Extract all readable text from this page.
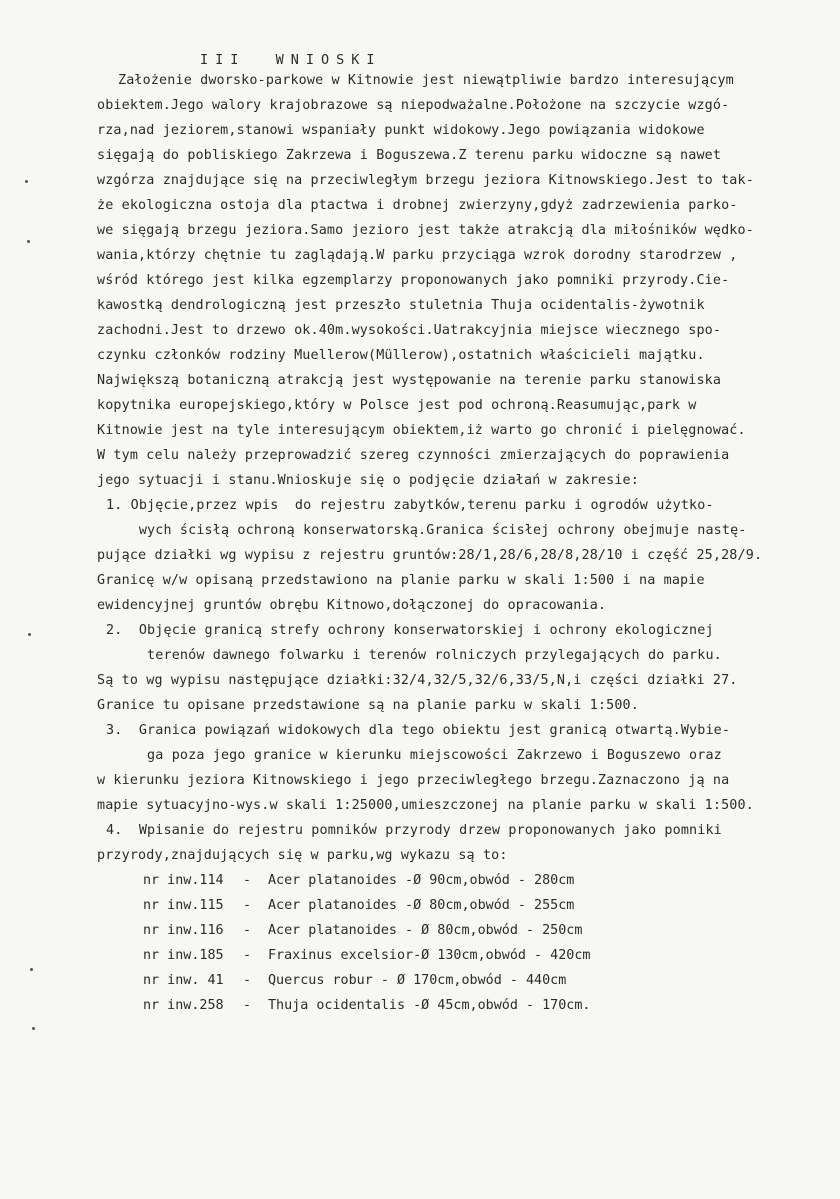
III  WNIOSKI
Założenie dworsko-parkowe w Kitnowie jest niewątpliwie bardzo interesującym
obiektem.Jego walory krajobrazowe są niepodważalne.Położone na szczycie wzgó-
rza,nad jeziorem,stanowi wspaniały punkt widokowy.Jego powiązania widokowe
sięgają do pobliskiego Zakrzewa i Boguszewa.Z terenu parku widoczne są nawet
wzgórza znajdujące się na przeciwległym brzegu jeziora Kitnowskiego.Jest to tak-
że ekologiczna ostoja dla ptactwa i drobnej zwierzyny,gdyż zadrzewienia parko-
we sięgają brzegu jeziora.Samo jezioro jest także atrakcją dla miłośników wędko-
wania,którzy chętnie tu zaglądają.W parku przyciąga wzrok dorodny starodrzew ,
wśród którego jest kilka egzemplarzy proponowanych jako pomniki przyrody.Cie-
kawostką dendrologiczną jest przeszło stuletnia Thuja ocidentalis-żywotnik
zachodni.Jest to drzewo ok.40m.wysokości.Uatrakcyjnia miejsce wiecznego spo-
czynku członków rodziny Muellerow(Müllerow),ostatnich właścicieli majątku.
Największą botaniczną atrakcją jest występowanie na terenie parku stanowiska
kopytnika europejskiego,który w Polsce jest pod ochroną.Reasumując,park w
Kitnowie jest na tyle interesującym obiektem,iż warto go chronić i pielęgnować.
W tym celu należy przeprowadzić szereg czynności zmierzających do poprawienia
jego sytuacji i stanu.Wnioskuje się o podjęcie działań w zakresie:
1. Objęcie,przez wpis  do rejestru zabytków,terenu parku i ogrodów użytko-
wych ścisłą ochroną konserwatorską.Granica ścisłej ochrony obejmuje nastę-
pujące działki wg wypisu z rejestru gruntów:28/1,28/6,28/8,28/10 i część 25,28/9.
Granicę w/w opisaną przedstawiono na planie parku w skali 1:500 i na mapie
ewidencyjnej gruntów obrębu Kitnowo,dołączonej do opracowania.
2.  Objęcie granicą strefy ochrony konserwatorskiej i ochrony ekologicznej
terenów dawnego folwarku i terenów rolniczych przylegających do parku.
Są to wg wypisu następujące działki:32/4,32/5,32/6,33/5,N,i części działki 27.
Granice tu opisane przedstawione są na planie parku w skali 1:500.
3.  Granica powiązań widokowych dla tego obiektu jest granicą otwartą.Wybie-
ga poza jego granice w kierunku miejscowości Zakrzewo i Boguszewo oraz
w kierunku jeziora Kitnowskiego i jego przeciwległego brzegu.Zaznaczono ją na
mapie sytuacyjno-wys.w skali 1:25000,umieszczonej na planie parku w skali 1:500.
4.  Wpisanie do rejestru pomników przyrody drzew proponowanych jako pomniki
przyrody,znajdujących się w parku,wg wykazu są to:

nr inw.114

-

Acer platanoides -Ø 90cm,obwód - 280cm

nr inw.115

-

Acer platanoides -Ø 80cm,obwód - 255cm

nr inw.116

-

Acer platanoides - Ø 80cm,obwód - 250cm

nr inw.185

-

Fraxinus excelsior-Ø 130cm,obwód - 420cm

nr inw. 41

-

Quercus robur - Ø 170cm,obwód - 440cm

nr inw.258

-

Thuja ocidentalis -Ø 45cm,obwód - 170cm.
